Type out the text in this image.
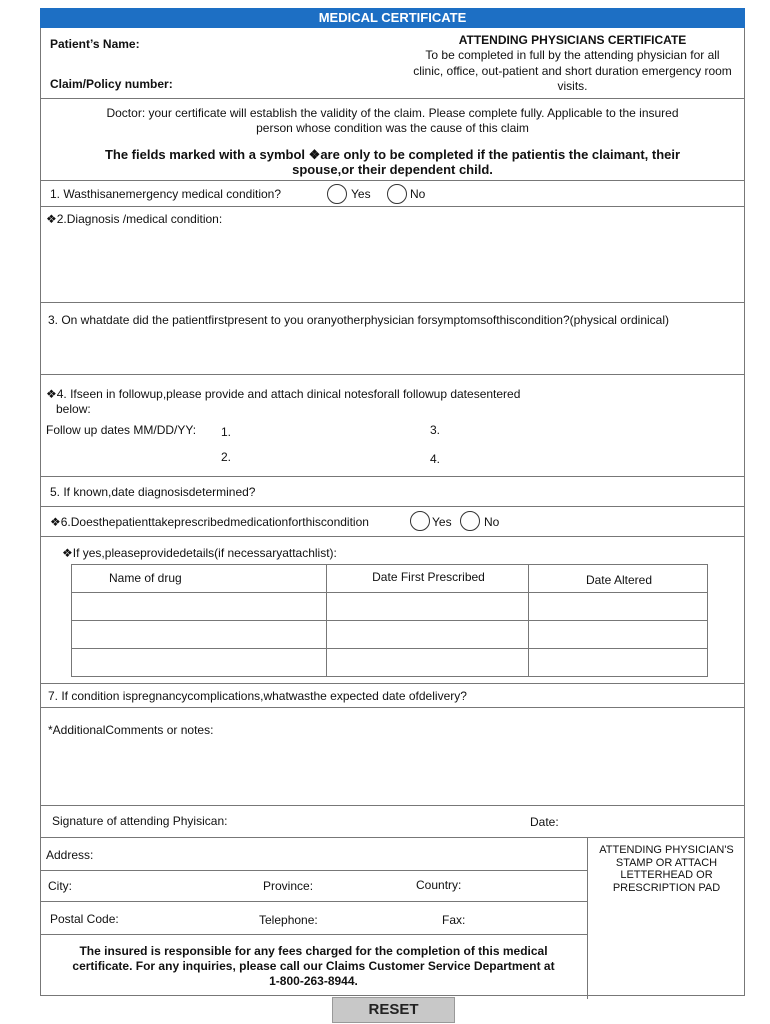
MEDICAL CERTIFICATE
Patient’s Name:
Claim/Policy number:
ATTENDING PHYSICIANS CERTIFICATE
To be completed in full by the attending physician for all
clinic, office, out-patient and short duration emergency room
visits.
Doctor: your certificate will establish the validity of the claim. Please complete fully. Applicable to the insured
person whose condition was the cause of this claim
The fields marked with a symbol ❖are only to be completed if the patientis the claimant, their
spouse,or their dependent child.
1. Wasthisanemergency medical condition?	Yes	No
❖2.Diagnosis /medical condition:
3. On whatdate did the patientfirstpresent to you oranyotherphysician forsymptomsofthiscondition?(physical ordinical)
❖4. Ifseen in followup,please provide and attach dinical notesforall followup datesentered
below:
Follow up dates MM/DD/YY: 1.	3.
2.	4.
5. If known,date diagnosisdetermined?
❖6.Doesthepatienttakeprescribedmedicationforthiscondition	Yes	No
❖If yes,pleaseprovidedetails(if necessaryattachlist):
Name of drug	Date First Prescribed	Date Altered
7. If condition ispregnancycomplications,whatwasthe expected date ofdelivery?
*AdditionalComments or notes:
Signature of attending Phyisican:	Date:
ATTENDING PHYSICIAN'S
STAMP OR ATTACH
LETTERHEAD OR
PRESCRIPTION PAD
Address:
City:	Province:	Country:
Postal Code:	Telephone:	Fax:
The insured is responsible for any fees charged for the completion of this medical
certificate. For any inquiries, please call our Claims Customer Service Department at
1-800-263-8944.
RESET
